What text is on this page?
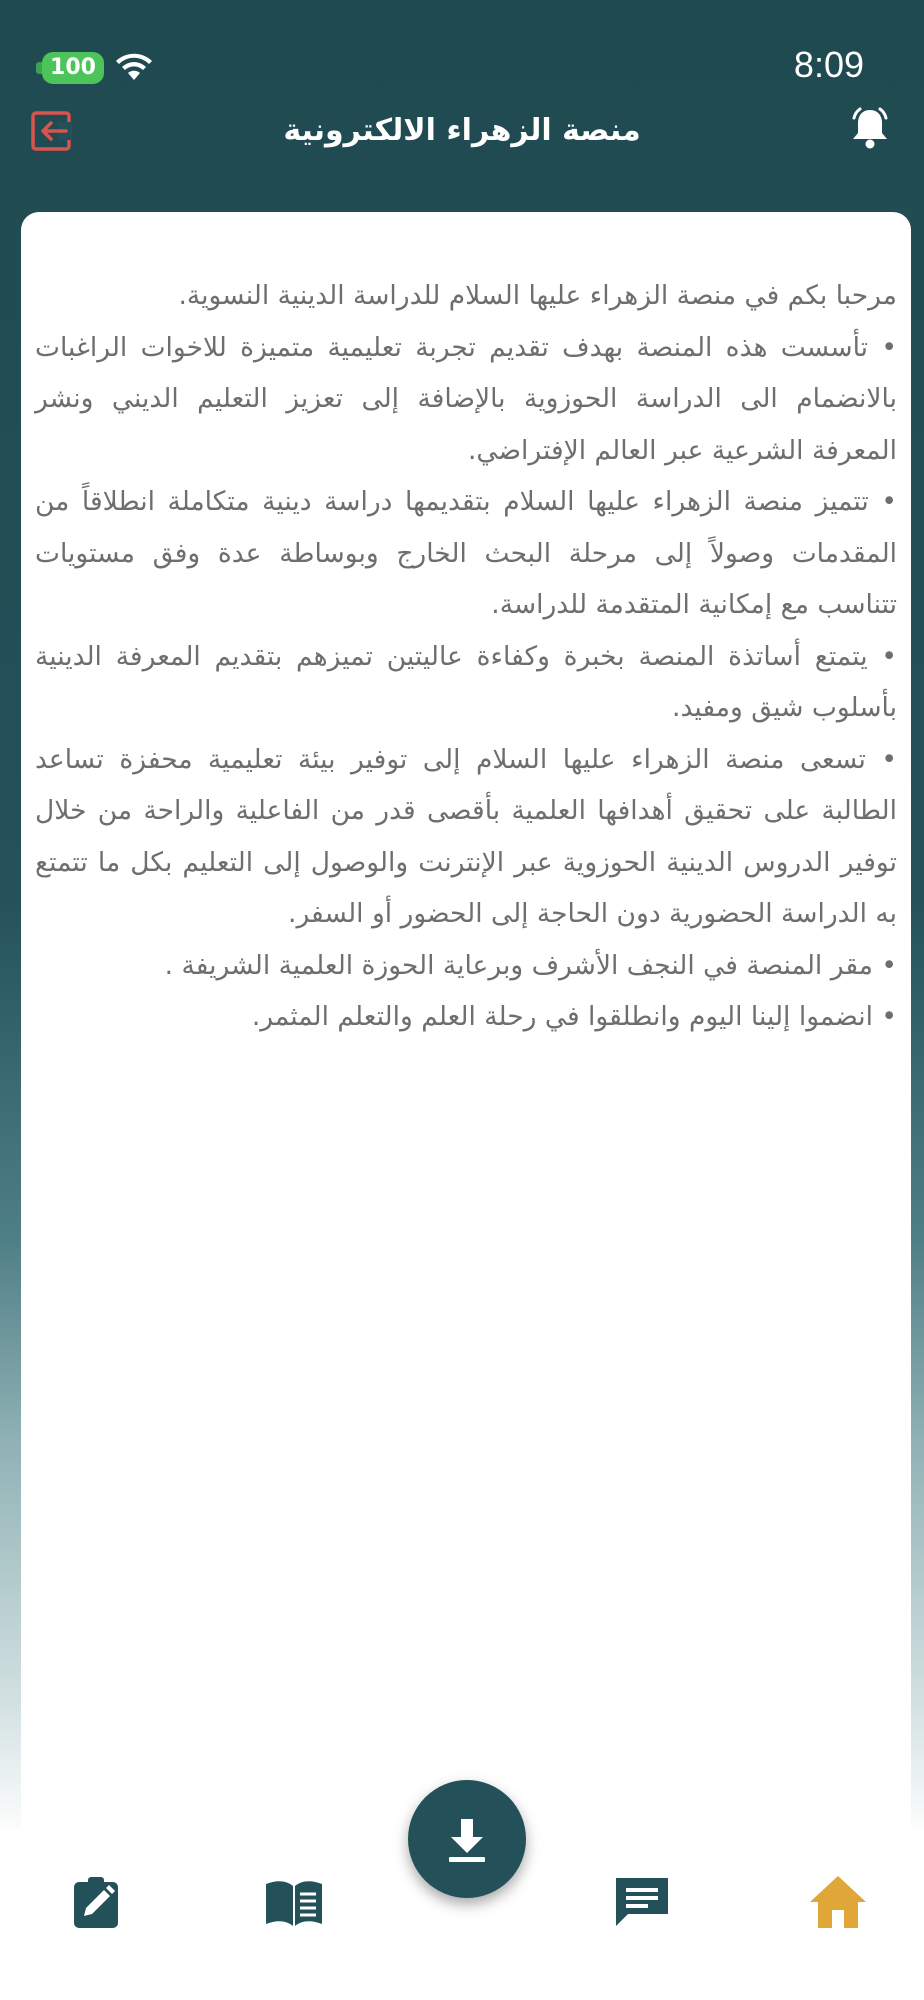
100	8:09
منصة الزهراء الالكترونية

مرحبا بكم في منصة الزهراء عليها السلام للدراسة الدينية النسوية.

• تأسست هذه المنصة بهدف تقديم تجربة تعليمية متميزة للاخوات الراغبات بالانضمام الى الدراسة الحوزوية بالإضافة إلى تعزيز التعليم الديني ونشر المعرفة الشرعية عبر العالم الإفتراضي.

• تتميز منصة الزهراء عليها السلام بتقديمها دراسة دينية متكاملة انطلاقاً من المقدمات وصولاً إلى مرحلة البحث الخارج وبوساطة عدة وفق مستويات تتناسب مع إمكانية المتقدمة للدراسة.

• يتمتع أساتذة المنصة بخبرة وكفاءة عاليتين تميزهم بتقديم المعرفة الدينية بأسلوب شيق ومفيد.

• تسعى منصة الزهراء عليها السلام إلى توفير بيئة تعليمية محفزة تساعد الطالبة على تحقيق أهدافها العلمية بأقصى قدر من الفاعلية والراحة من خلال توفير الدروس الدينية الحوزوية عبر الإنترنت والوصول إلى التعليم بكل ما تتمتع به الدراسة الحضورية دون الحاجة إلى الحضور أو السفر.

• مقر المنصة في النجف الأشرف وبرعاية الحوزة العلمية الشريفة .

• انضموا إلينا اليوم وانطلقوا في رحلة العلم والتعلم المثمر.
